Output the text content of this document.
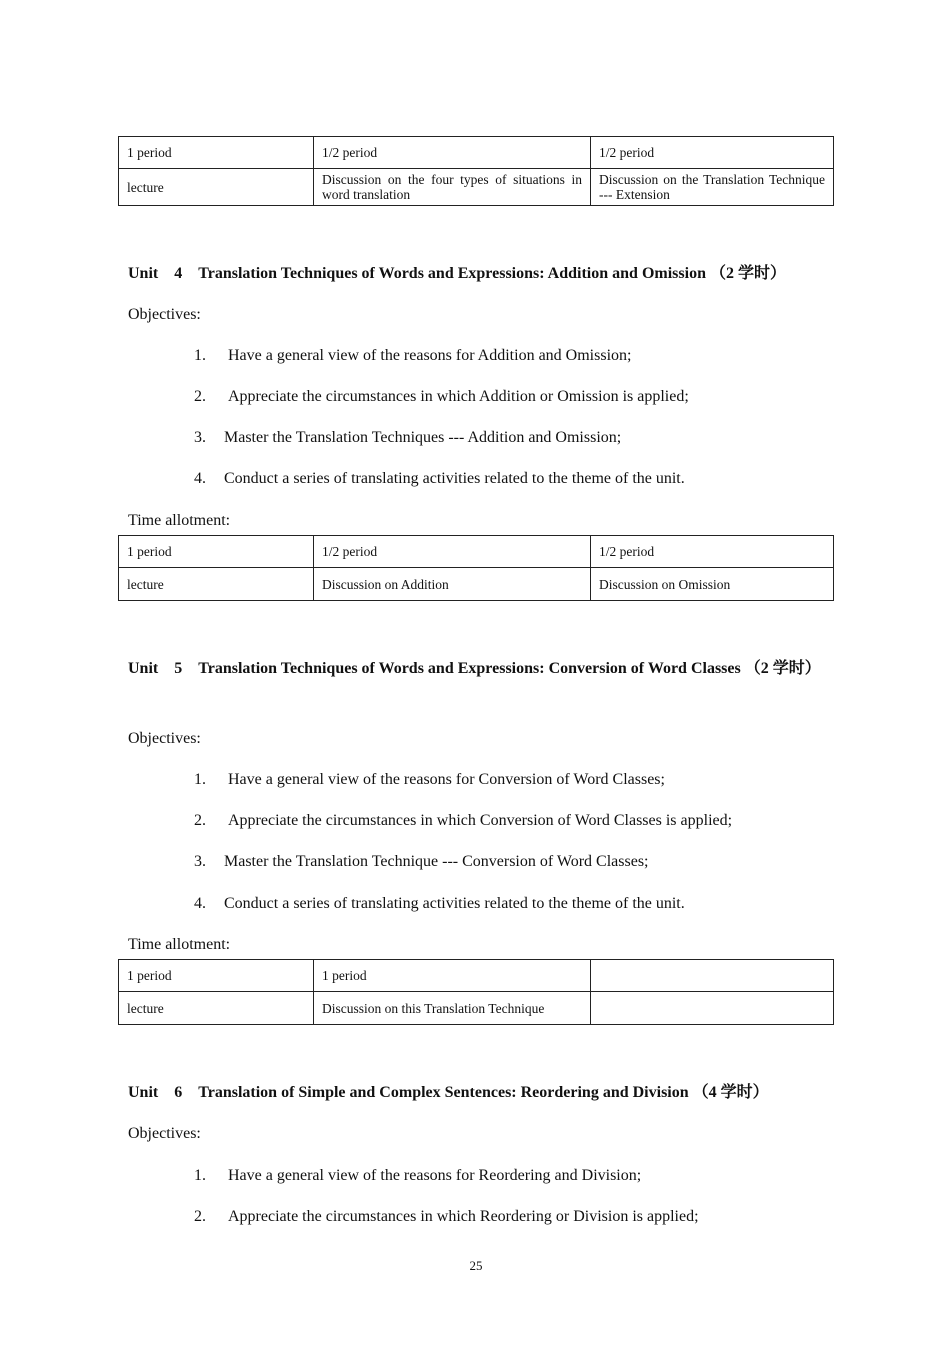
1 period	1/2 period	1/2 period
lecture	Discussion on the four types of situations in word translation	Discussion on the Translation Technique --- Extension
Unit 4 Translation Techniques of Words and Expressions: Addition and Omission （2 学时）
Objectives:
1. Have a general view of the reasons for Addition and Omission;
2. Appreciate the circumstances in which Addition or Omission is applied;
3. Master the Translation Techniques --- Addition and Omission;
4. Conduct a series of translating activities related to the theme of the unit.
Time allotment:
1 period	1/2 period	1/2 period
lecture	Discussion on Addition	Discussion on Omission
Unit 5 Translation Techniques of Words and Expressions: Conversion of Word Classes （2 学时）
Objectives:
1. Have a general view of the reasons for Conversion of Word Classes;
2. Appreciate the circumstances in which Conversion of Word Classes is applied;
3. Master the Translation Technique --- Conversion of Word Classes;
4. Conduct a series of translating activities related to the theme of the unit.
Time allotment:
1 period	1 period	
lecture	Discussion on this Translation Technique	
Unit 6 Translation of Simple and Complex Sentences: Reordering and Division （4 学时）
Objectives:
1. Have a general view of the reasons for Reordering and Division;
2. Appreciate the circumstances in which Reordering or Division is applied;
25
